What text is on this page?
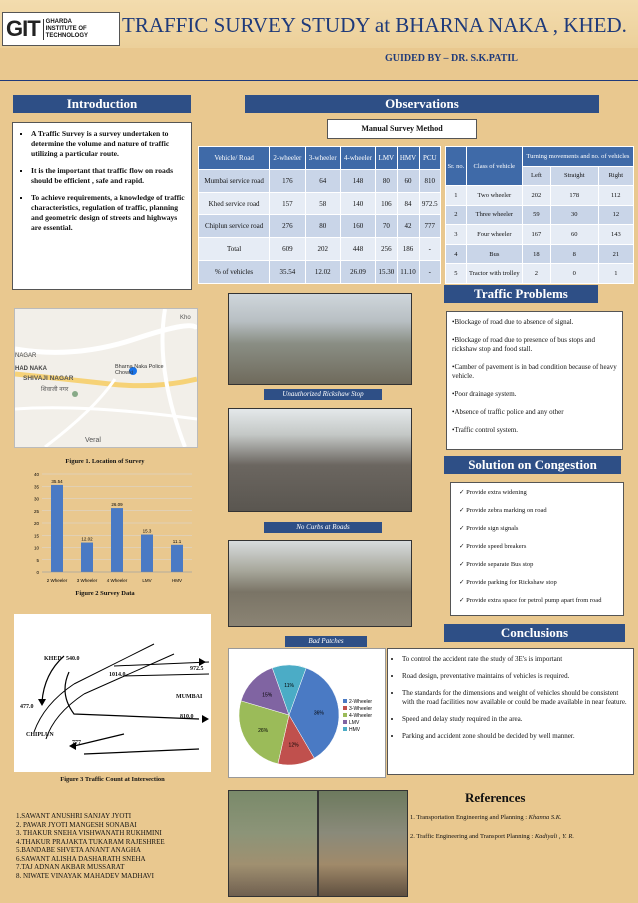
GIT GHARDA
INSTITUTE OF
TECHNOLOGY TRAFFIC SURVEY STUDY at BHARNA NAKA , KHED.
GUIDED BY – DR. S.K.PATIL
Introduction
▪ A Traffic Survey is a survey undertaken to determine the volume and nature of traffic utilizing a particular route.
▪ It is the important that traffic flow on roads should be efficient , safe and rapid.
▪ To achieve requirements, a knowledge of traffic characteristics, regulation of traffic, planning and geometric design of streets and highways are essential.
NAGAR
HAD NAKA	Bharna Naka Police Chowki
SHIVAJI NAGAR
शिवाजी नगर
Veral
Kho
Figure 1. Location of Survey
0
5
10
15
20
25
30
35
40
35.54
2 Wheeler
12.02
3 Wheeler
26.09
4 Wheeler
15.3
LMV
11.1
HMV
Figure 2 Survey Data
KHED 540.0
972.5
1014.0
MUMBAI
477.0
810.0
CHIPLUN
777
Figure 3 Traffic Count at Intersection
1.SAWANT ANUSHRI SANJAY JYOTI
2. PAWAR JYOTI MANGESH SONABAI
3. THAKUR SNEHA VISHWANATH RUKHMINI
4.THAKUR PRAJAKTA TUKARAM RAJESHREE
5.BANDABE SHVETA ANANT ANAGHA
6.SAWANT ALISHA DASHARATH SNEHA
7.TAJ ADNAN AKBAR MUSSARAT
8. NIWATE VINAYAK MAHADEV MADHAVI
Observations
Manual Survey Method
Vehicle/ Road	2-wheeler	3-wheeler	4-wheeler	LMV	HMV	PCU
Mumbai service road	176	64	148	80	60	810
Khed service road	157	58	140	106	84	972.5
Chiplun service road	276	80	160	70	42	777
Total	609	202	448	256	186	-
% of vehicles	35.54	12.02	26.09	15.30	11.10	-
Sr. no.	Class of vehicle	Turning movements and no. of vehicles		
		Left	Straight	Right
1	Two wheeler	202	178	112
2	Three wheeler	59	30	12
3	Four wheeler	167	60	143
4	Bus	18	8	21
5	Tractor with trolley	2	0	1
Unauthorized Rickshaw Stop
No Curbs at Roads
Bad Patches
36%
12%
26%
15%
11%
2-Wheeler
3-Wheeler
4-Wheeler
LMV
HMV
Traffic Problems

•Blockage of road due to absence of signal.

•Blockage of road due to presence of bus stops and rickshaw stop and food stall.

•Camber of pavement is in bad condition because of heavy vehicle.

•Poor drainage system.

•Absence of traffic police and any other

•Traffic control system.

Solution on Congestion
✓ Provide extra widening
✓ Provide zebra marking on road
✓ Provide sign signals
✓ Provide speed breakers
✓ Provide separate Bus stop
✓ Provide parking for Rickshaw stop
✓ Provide extra space for petrol pump apart from road
Conclusions
• To control the accident rate the study of 3E's is important
• Road design, preventative maintains of vehicles is required.
• The standards for the dimensions and weight of vehicles should be consistent with the road facilities now available or could be made available in near feature.
• Speed and delay study required in the area.
• Parking and accident zone should be decided by well manner.
References
1. Transportation Engineering and Planning : Khanna S.K.
2. Traffic Engineering and Transport Planning : Kadiyali , Y. R.
